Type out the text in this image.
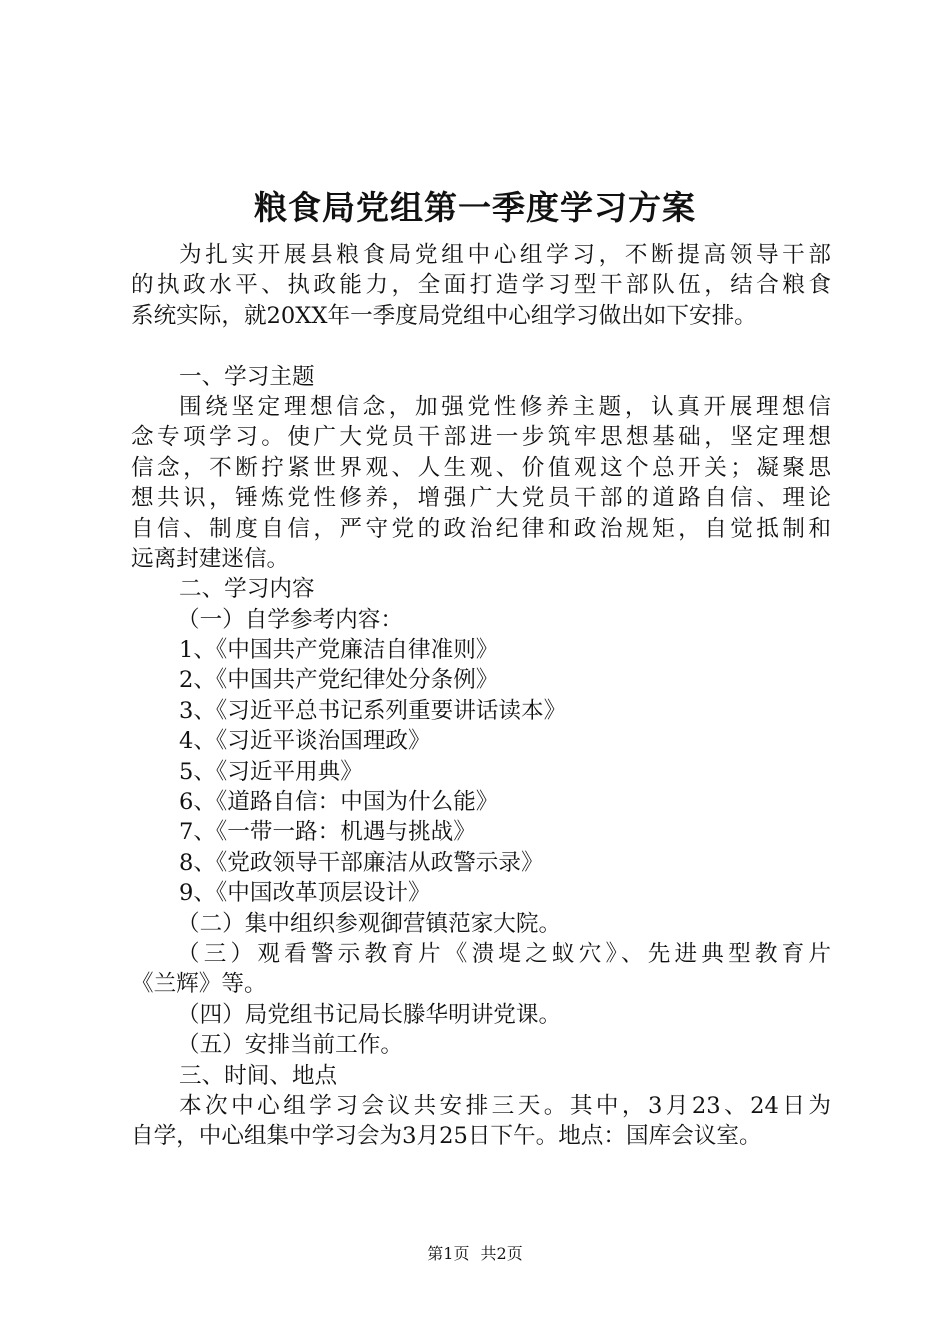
粮食局党组第一季度学习方案
为扎实开展县粮食局党组中心组学习，不断提高领导干部
的执政水平、执政能力，全面打造学习型干部队伍，结合粮食
系统实际，就20XX年一季度局党组中心组学习做出如下安排。
一、学习主题
围绕坚定理想信念，加强党性修养主题，认真开展理想信
念专项学习。使广大党员干部进一步筑牢思想基础，坚定理想
信念，不断拧紧世界观、人生观、价值观这个总开关；凝聚思
想共识，锤炼党性修养，增强广大党员干部的道路自信、理论
自信、制度自信，严守党的政治纪律和政治规矩，自觉抵制和
远离封建迷信。
二、学习内容
（一）自学参考内容：
1、《中国共产党廉洁自律准则》
2、《中国共产党纪律处分条例》
3、《习近平总书记系列重要讲话读本》
4、《习近平谈治国理政》
5、《习近平用典》
6、《道路自信：中国为什么能》
7、《一带一路：机遇与挑战》
8、《党政领导干部廉洁从政警示录》
9、《中国改革顶层设计》
（二）集中组织参观御营镇范家大院。
（三）观看警示教育片《溃堤之蚁穴》、先进典型教育片
《兰辉》等。
（四）局党组书记局长滕华明讲党课。
（五）安排当前工作。
三、时间、地点
本次中心组学习会议共安排三天。其中，3月23、24日为
自学，中心组集中学习会为3月25日下午。地点：国库会议室。
第1页 共2页
